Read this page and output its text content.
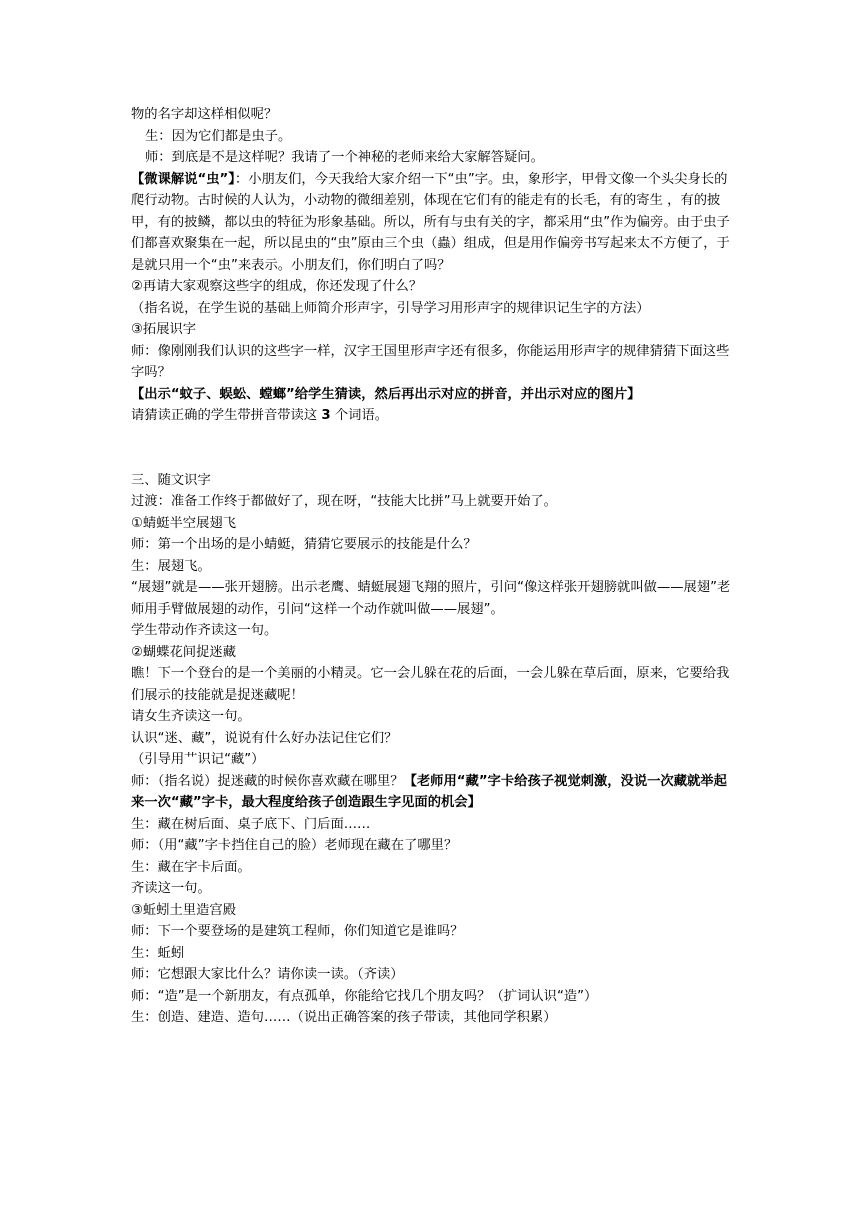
物的名字却这样相似呢？
生：因为它们都是虫子。
师：到底是不是这样呢？我请了一个神秘的老师来给大家解答疑问。
【微课解说“虫”】：小朋友们，今天我给大家介绍一下“虫”字。虫，象形字，甲骨文像一个头尖身长的爬行动物。古时候的人认为，小动物的微细差别，体现在它们有的能走有的长毛，有的寄生 ，有的披甲，有的披鳞，都以虫的特征为形象基础。所以，所有与虫有关的字，都采用“虫”作为偏旁。由于虫子们都喜欢聚集在一起，所以昆虫的“虫”原由三个虫（蟲）组成，但是用作偏旁书写起来太不方便了，于是就只用一个“虫”来表示。小朋友们，你们明白了吗？
②再请大家观察这些字的组成，你还发现了什么？
（指名说，在学生说的基础上师简介形声字，引导学习用形声字的规律识记生字的方法）
③拓展识字
师：像刚刚我们认识的这些字一样，汉字王国里形声字还有很多，你能运用形声字的规律猜猜下面这些字吗？
【出示“蚊子、蜈蚣、螳螂”给学生猜读，然后再出示对应的拼音，并出示对应的图片】
请猜读正确的学生带拼音带读这 3 个词语。
三、随文识字
过渡：准备工作终于都做好了，现在呀，“技能大比拼”马上就要开始了。
①蜻蜓半空展翅飞
师：第一个出场的是小蜻蜓，猜猜它要展示的技能是什么？
生：展翅飞。
“展翅”就是——张开翅膀。出示老鹰、蜻蜓展翅飞翔的照片，引问“像这样张开翅膀就叫做——展翅”老师用手臂做展翅的动作，引问“这样一个动作就叫做——展翅”。
学生带动作齐读这一句。
②蝴蝶花间捉迷藏
瞧！下一个登台的是一个美丽的小精灵。它一会儿躲在花的后面，一会儿躲在草后面，原来，它要给我们展示的技能就是捉迷藏呢！
请女生齐读这一句。
认识“迷、藏”，说说有什么好办法记住它们？
（引导用艹识记“藏”）
师：（指名说）捉迷藏的时候你喜欢藏在哪里？【老师用“藏”字卡给孩子视觉刺激，没说一次藏就举起来一次“藏”字卡，最大程度给孩子创造跟生字见面的机会】
生：藏在树后面、桌子底下、门后面……
师：（用“藏”字卡挡住自己的脸）老师现在藏在了哪里？
生：藏在字卡后面。
齐读这一句。
③蚯蚓土里造宫殿
师：下一个要登场的是建筑工程师，你们知道它是谁吗？
生：蚯蚓
师：它想跟大家比什么？请你读一读。（齐读）
师：“造”是一个新朋友，有点孤单，你能给它找几个朋友吗？（扩词认识“造”）
生：创造、建造、造句……（说出正确答案的孩子带读，其他同学积累）
